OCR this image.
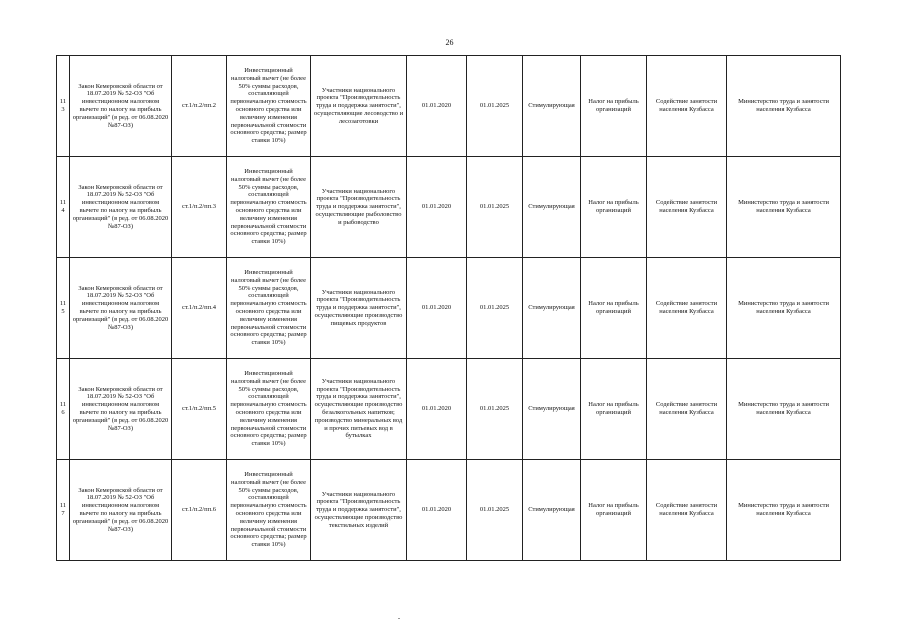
26
113	Закон Кемеровской области от 18.07.2019 № 52-ОЗ "Об инвестиционном налоговом вычете по налогу на прибыль организаций" (в ред. от 06.08.2020 №87-ОЗ)	ст.1/п.2/пп.2	Инвестиционный налоговый вычет (не более 50% суммы расходов, составляющей первоначальную стоимость основного средства или величину изменения первоначальной стоимости основного средства; размер ставки 10%)	Участники национального проекта "Производительность труда и поддержка занятости", осуществляющие лесоводство и лесозаготовки	01.01.2020	01.01.2025	Стимулирующая	Налог на прибыль организаций	Содействие занятости населения Кузбасса	Министерство труда и занятости населения Кузбасса
114	Закон Кемеровской области от 18.07.2019 № 52-ОЗ "Об инвестиционном налоговом вычете по налогу на прибыль организаций" (в ред. от 06.08.2020 №87-ОЗ)	ст.1/п.2/пп.3	Инвестиционный налоговый вычет (не более 50% суммы расходов, составляющей первоначальную стоимость основного средства или величину изменения первоначальной стоимости основного средства; размер ставки 10%)	Участники национального проекта "Производительность труда и поддержка занятости", осуществляющие рыболовство и рыбоводство	01.01.2020	01.01.2025	Стимулирующая	Налог на прибыль организаций	Содействие занятости населения Кузбасса	Министерство труда и занятости населения Кузбасса
115	Закон Кемеровской области от 18.07.2019 № 52-ОЗ "Об инвестиционном налоговом вычете по налогу на прибыль организаций" (в ред. от 06.08.2020 №87-ОЗ)	ст.1/п.2/пп.4	Инвестиционный налоговый вычет (не более 50% суммы расходов, составляющей первоначальную стоимость основного средства или величину изменения первоначальной стоимости основного средства; размер ставки 10%)	Участники национального проекта "Производительность труда и поддержка занятости", осуществляющие производство пищевых продуктов	01.01.2020	01.01.2025	Стимулирующая	Налог на прибыль организаций	Содействие занятости населения Кузбасса	Министерство труда и занятости населения Кузбасса
116	Закон Кемеровской области от 18.07.2019 № 52-ОЗ "Об инвестиционном налоговом вычете по налогу на прибыль организаций" (в ред. от 06.08.2020 №87-ОЗ)	ст.1/п.2/пп.5	Инвестиционный налоговый вычет (не более 50% суммы расходов, составляющей первоначальную стоимость основного средства или величину изменения первоначальной стоимости основного средства; размер ставки 10%)	Участники национального проекта "Производительность труда и поддержка занятости", осуществляющие производство безалкогольных напитков; производство минеральных вод и прочих питьевых вод в бутылках	01.01.2020	01.01.2025	Стимулирующая	Налог на прибыль организаций	Содействие занятости населения Кузбасса	Министерство труда и занятости населения Кузбасса
117	Закон Кемеровской области от 18.07.2019 № 52-ОЗ "Об инвестиционном налоговом вычете по налогу на прибыль организаций" (в ред. от 06.08.2020 №87-ОЗ)	ст.1/п.2/пп.6	Инвестиционный налоговый вычет (не более 50% суммы расходов, составляющей первоначальную стоимость основного средства или величину изменения первоначальной стоимости основного средства; размер ставки 10%)	Участники национального проекта "Производительность труда и поддержка занятости", осуществляющие производство текстильных изделий	01.01.2020	01.01.2025	Стимулирующая	Налог на прибыль организаций	Содействие занятости населения Кузбасса	Министерство труда и занятости населения Кузбасса
